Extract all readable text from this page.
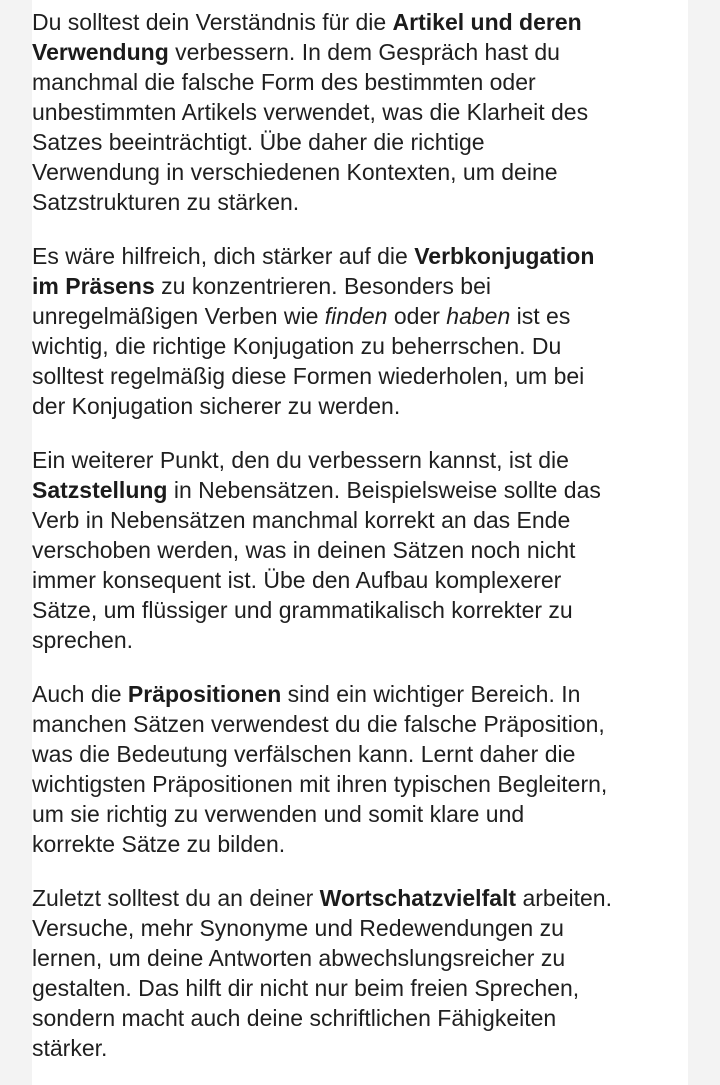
Du solltest dein Verständnis für die Artikel und deren
Verwendung verbessern. In dem Gespräch hast du
manchmal die falsche Form des bestimmten oder
unbestimmten Artikels verwendet, was die Klarheit des
Satzes beeinträchtigt. Übe daher die richtige
Verwendung in verschiedenen Kontexten, um deine
Satzstrukturen zu stärken.

Es wäre hilfreich, dich stärker auf die Verbkonjugation
im Präsens zu konzentrieren. Besonders bei
unregelmäßigen Verben wie finden oder haben ist es
wichtig, die richtige Konjugation zu beherrschen. Du
solltest regelmäßig diese Formen wiederholen, um bei
der Konjugation sicherer zu werden.

Ein weiterer Punkt, den du verbessern kannst, ist die
Satzstellung in Nebensätzen. Beispielsweise sollte das
Verb in Nebensätzen manchmal korrekt an das Ende
verschoben werden, was in deinen Sätzen noch nicht
immer konsequent ist. Übe den Aufbau komplexerer
Sätze, um flüssiger und grammatikalisch korrekter zu
sprechen.

Auch die Präpositionen sind ein wichtiger Bereich. In
manchen Sätzen verwendest du die falsche Präposition,
was die Bedeutung verfälschen kann. Lernt daher die
wichtigsten Präpositionen mit ihren typischen Begleitern,
um sie richtig zu verwenden und somit klare und
korrekte Sätze zu bilden.

Zuletzt solltest du an deiner Wortschatzvielfalt arbeiten.
Versuche, mehr Synonyme und Redewendungen zu
lernen, um deine Antworten abwechslungsreicher zu
gestalten. Das hilft dir nicht nur beim freien Sprechen,
sondern macht auch deine schriftlichen Fähigkeiten
stärker.
